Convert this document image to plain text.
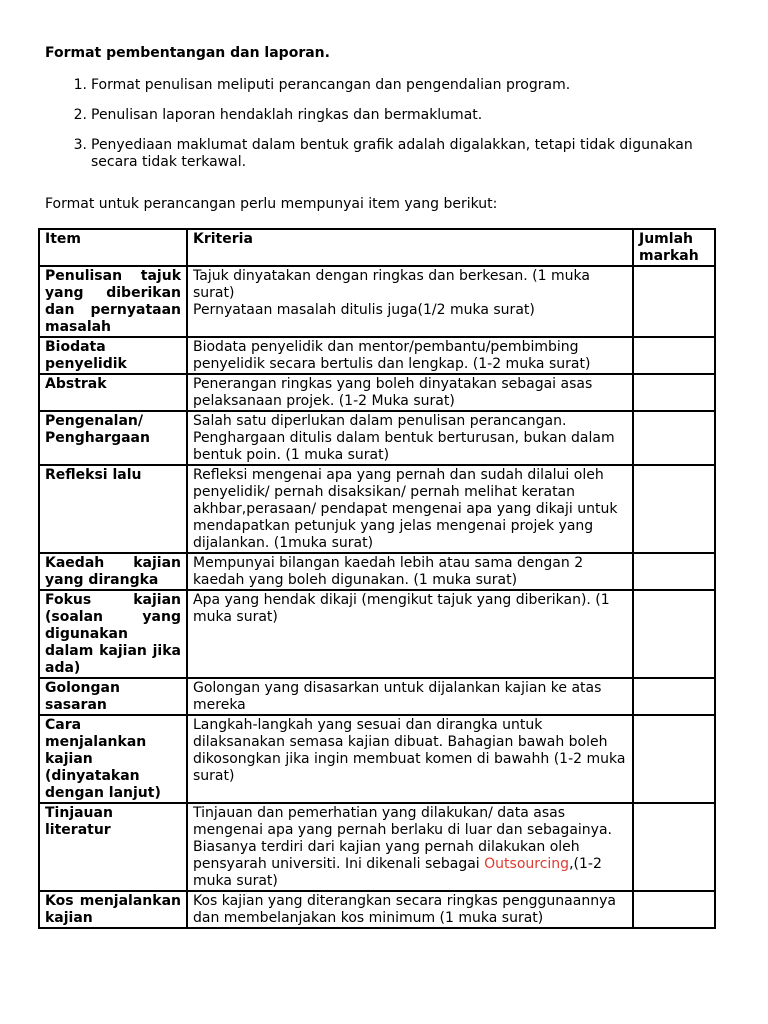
Format pembentangan dan laporan.
1. Format penulisan meliputi perancangan dan pengendalian program.
2. Penulisan laporan hendaklah ringkas dan bermaklumat.
3. Penyediaan maklumat dalam bentuk grafik adalah digalakkan, tetapi tidak digunakan secara tidak terkawal.
Format untuk perancangan perlu mempunyai item yang berikut:
Item	Kriteria	Jumlah markah
Penulisan tajuk yang diberikan dan pernyataan masalah	Tajuk dinyatakan dengan ringkas dan berkesan. (1 muka surat)
Pernyataan masalah ditulis juga(1/2 muka surat)	

Biodata penyelidik	Biodata penyelidik dan mentor/pembantu/pembimbing penyelidik secara bertulis dan lengkap. (1-2 muka surat)	
Abstrak	Penerangan ringkas yang boleh dinyatakan sebagai asas pelaksanaan projek. (1-2 Muka surat)	
Pengenalan/ Penghargaan	Salah satu diperlukan dalam penulisan perancangan. Penghargaan ditulis dalam bentuk berturusan, bukan dalam bentuk poin. (1 muka surat)	
Refleksi lalu	Refleksi mengenai apa yang pernah dan sudah dilalui oleh penyelidik/ pernah disaksikan/ pernah melihat keratan akhbar,perasaan/ pendapat mengenai apa yang dikaji untuk mendapatkan petunjuk yang jelas mengenai projek yang dijalankan. (1muka surat)	
Kaedah kajian yang dirangka	Mempunyai bilangan kaedah lebih atau sama dengan 2 kaedah yang boleh digunakan. (1 muka surat)	
Fokus kajian (soalan yang digunakan dalam kajian jika ada)	Apa yang hendak dikaji (mengikut tajuk yang diberikan). (1 muka surat)	
Golongan sasaran	Golongan yang disasarkan untuk dijalankan kajian ke atas mereka	
Cara menjalankan kajian (dinyatakan dengan lanjut)	Langkah-langkah yang sesuai dan dirangka untuk dilaksanakan semasa kajian dibuat. Bahagian bawah boleh dikosongkan jika ingin membuat komen di bawahh (1-2 muka surat)	
Tinjauan literatur	Tinjauan dan pemerhatian yang dilakukan/ data asas mengenai apa yang pernah berlaku di luar dan sebagainya. Biasanya terdiri dari kajian yang pernah dilakukan oleh pensyarah universiti. Ini dikenali sebagai Outsourcing,(1-2 muka surat)	
Kos menjalankan kajian	Kos kajian yang diterangkan secara ringkas penggunaannya dan membelanjakan kos minimum (1 muka surat)	
